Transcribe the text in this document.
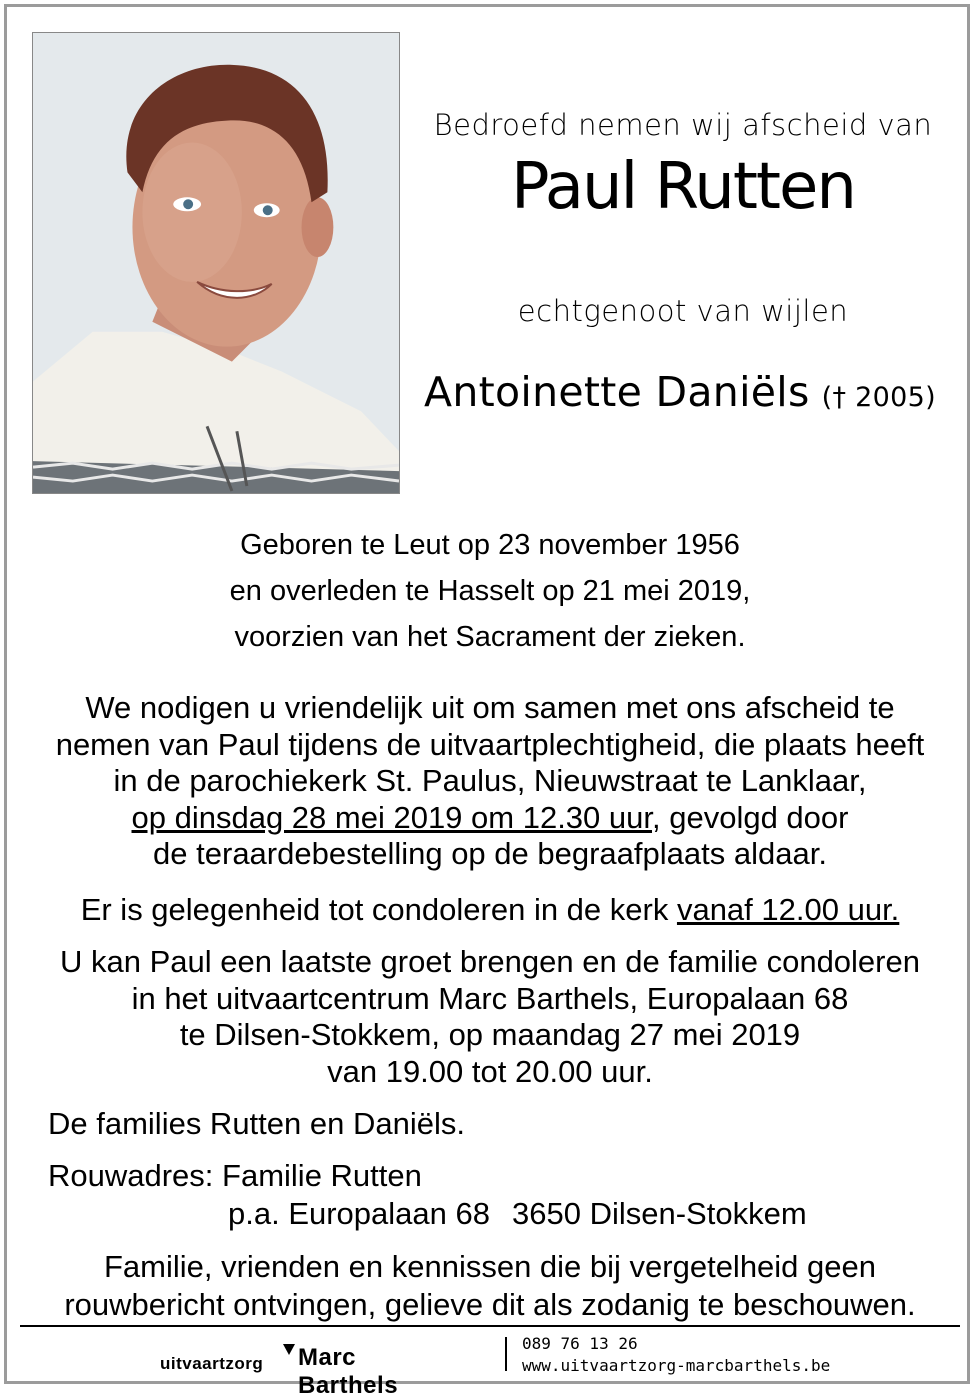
Bedroefd nemen wij afscheid van
Paul Rutten
echtgenoot van wijlen
Antoinette Daniëls († 2005)
Geboren te Leut op 23 november 1956
en overleden te Hasselt op 21 mei 2019,
voorzien van het Sacrament der zieken.
We nodigen u vriendelijk uit om samen met ons afscheid te
nemen van Paul tijdens de uitvaartplechtigheid, die plaats heeft
in de parochiekerk St. Paulus, Nieuwstraat te Lanklaar,
op dinsdag 28 mei 2019 om 12.30 uur, gevolgd door
de teraardebestelling op de begraafplaats aldaar.
Er is gelegenheid tot condoleren in de kerk vanaf 12.00 uur.
U kan Paul een laatste groet brengen en de familie condoleren
in het uitvaartcentrum Marc Barthels, Europalaan 68
te Dilsen-Stokkem, op maandag 27 mei 2019
van 19.00 tot 20.00 uur.
De families Rutten en Daniëls.
Rouwadres: Familie Rutten
p.a. Europalaan 68 3650 Dilsen-Stokkem
Familie, vrienden en kennissen die bij vergetelheid geen
rouwbericht ontvingen, gelieve dit als zodanig te beschouwen.
uitvaartzorg Marc Barthels
089 76 13 26
www.uitvaartzorg-marcbarthels.be
